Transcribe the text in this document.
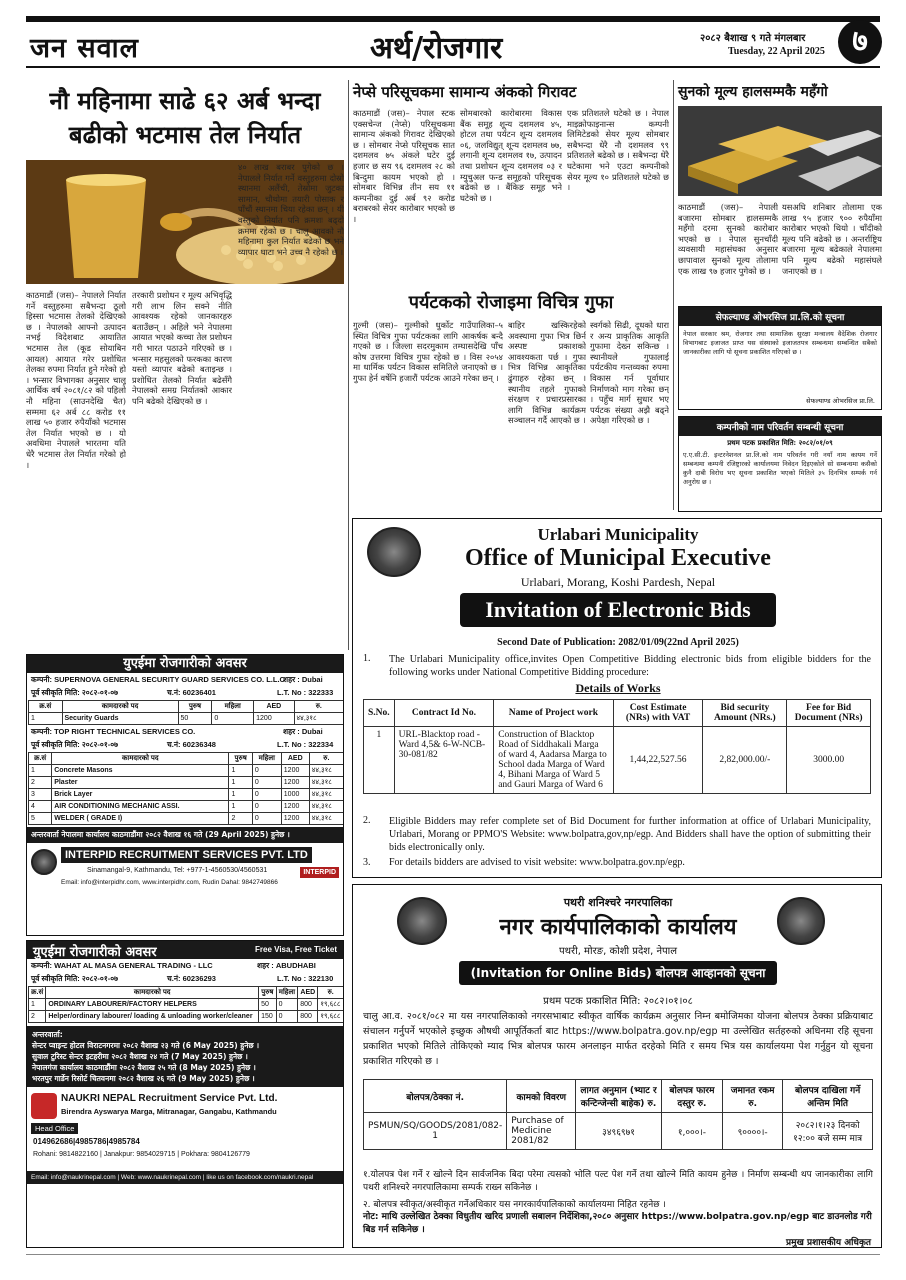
जन सवाल	अर्थ/रोजगार	२०८२ बैशाख ९ गते मंगलबार
Tuesday, 22 April 2025 ७
नौ महिनामा साढे ६२ अर्ब भन्दा बढीको भटमास तेल निर्यात
काठमाडौं (जस)– नेपालले निर्यात गर्ने वस्तुहरुमा सबैभन्दा ठूलो हिस्सा भटमास तेलको देखिएको छ । नेपालको आफ्नो उत्पादन नभई विदेशबाट आयातित भटमास तेल (कूड सोयाबिन आयल) आयात गरेर प्रशोधित तेलका रुपमा निर्यात हुने गरेको हो । भन्सार विभागका अनुसार चालू आर्थिक वर्ष २०८१/८२ को पहिलो नौ महिना (साउनदेखि चैत) सम्ममा ६२ अर्ब ८८ करोड ११ लाख ५० हजार रुपैयाँको भटमास तेल निर्यात भएको छ । यो अवधिमा नेपालले भारतमा यति धेरै भटमास तेल निर्यात गरेको हो ।
तरकारी प्रशोधन र मूल्य अभिवृद्धि गरी लाभ लिन सक्ने नीति आवश्यक रहेको जानकारहरु बताउँछन् । अहिले भने नेपालमा आयात भएको कच्चा तेल प्रशोधन गरी भारत पठाउने गरिएको छ । भन्सार महसुलको फरकका कारण यस्तो व्यापार बढेको बताइन्छ । प्रशोधित तेलको निर्यात बढेसँगै नेपालको समग्र निर्यातको आकार पनि बढेको देखिएको छ ।
४० लाख बराबर पुगेको छ । नेपालले निर्यात गर्ने वस्तुहरुमा दोस्रो स्थानमा अलैंची, तेस्रोमा जुटका सामान, चौथोमा तयारी पोसाक र पाँचौं स्थानमा चिया रहेका छन् । यी वस्तुको निर्यात पनि क्रमशः बढ्दो क्रममा रहेको छ । चालु आवको नौ महिनामा कुल निर्यात बढेको छ भने व्यापार घाटा भने उच्च नै रहेको छ ।
नेप्से परिसूचकमा सामान्य अंकको गिरावट
काठमाडौं (जस)– नेपाल स्टक एक्सचेन्ज (नेप्से) परिसूचकमा सामान्य अंकको गिरावट देखिएको छ । सोमबार नेप्से परिसूचक सात दशमलव ७५ अंकले घटेर दुई हजार छ सय ९६ दशमलव २८ को बिन्दुमा कायम भएको हो । सोमबार विभिन्न तीन सय ११ कम्पनीका दुई अर्ब ९२ करोड बराबरको सेयर कारोबार भएको छ ।
सोमबारको कारोबारमा विकास बैंक समूह शून्य दशमलव ४५, होटल तथा पर्यटन शून्य दशमलव ०६, जलविद्युत् शून्य दशमलव ७७, लगानी शून्य दशमलव १७, उत्पादन तथा प्रशोधन शून्य दशमलव ०३ र म्युचुअल फन्ड समूहको परिसूचक बढेको छ । बैंकिङ समूह भने घटेको छ ।
एक प्रतिशतले घटेको छ । नेपाल माइक्रोफाइनान्स कम्पनी लिमिटेडको सेयर मूल्य सोमबार सबैभन्दा धेरै नौ दशमलव ९९ प्रतिशतले बढेको छ । सबैभन्दा धेरै घटेकामा भने एउटा कम्पनीको सेयर मूल्य १० प्रतिशतले घटेको छ ।
पर्यटकको रोजाइमा विचित्र गुफा
गुल्मी (जस)– गुल्मीको धुर्कोट गाउँपालिका–५ स्थित विचित्र गुफा पर्यटकका लागि आकर्षक बन्दै गएको छ । जिल्ला सदरमुकाम तम्घासदेखि पाँच कोष उत्तरमा विचित्र गुफा रहेको छ । विस २०५४ मा धार्मिक पर्यटन विकास समितिले जनाएको छ । गुफा हेर्न वर्षेनि हजारौं पर्यटक आउने गरेका छन् ।
बाहिर खस्किरहेको अवस्थामा गुफा भित्र छिर्न अस्पष्ट प्रकाशको आवश्यकता पर्छ । गुफा भित्र विभिन्न आकृतिका ढुंगाहरु रहेका छन् । स्थानीय तहले गुफाको संरक्षण र प्रचारप्रसारका लागि विभिन्न कार्यक्रम सञ्चालन गर्दै आएको छ ।
स्वर्गको सिढी, दूधको धारा र अन्य प्राकृतिक आकृति गुफामा देख्न सकिन्छ । स्थानीयले गुफालाई पर्यटकीय गन्तव्यका रुपमा विकास गर्न पूर्वाधार निर्माणको माग गरेका छन् । पहुँच मार्ग सुधार भए पर्यटक संख्या अझै बढ्ने अपेक्षा गरिएको छ ।
सुनको मूल्य हालसम्मकै महँगो
काठमाडौं (जस)– नेपाली बजारमा सोमबार हालसम्मकै महँगो दरमा सुनको कारोबार भएको छ । नेपाल सुनचाँदी व्यवसायी महासंघका अनुसार छापावाल सुनको मूल्य तोलामा एक लाख ९७ हजार पुगेको छ ।
यसअघि शनिबार तोलामा एक लाख ९५ हजार ९०० रुपैयाँमा कारोबार भएको थियो । चाँदीको मूल्य पनि बढेको छ । अन्तर्राष्ट्रिय बजारमा मूल्य बढेकाले नेपालमा पनि मूल्य बढेको महासंघले जनाएको छ ।
सेफल्याण्ड ओभरसिज प्रा.लि.को सूचना
नेपाल सरकार श्रम, रोजगार तथा सामाजिक सुरक्षा मन्त्रालय वैदेशिक रोजगार विभागबाट इजाजत प्राप्त यस संस्थाको इजाजतपत्र सम्बन्धमा सम्बन्धित सबैको जानकारीका लागि यो सूचना प्रकाशित गरिएको छ ।
सेफल्याण्ड ओभरसिज प्रा.लि.
कम्पनीको नाम परिवर्तन सम्बन्धी सूचना
प्रथम पटक प्रकाशित मिति: २०८२/०१/०९
ए.ए.सी.टी. इन्टरनेशनल प्रा.लि.को नाम परिवर्तन गरी नयाँ नाम कायम गर्ने सम्बन्धमा कम्पनी रजिष्ट्रारको कार्यालयमा निवेदन दिइएकोले सो सम्बन्धमा कसैको कुनै दाबी विरोध भए सूचना प्रकाशित भएको मितिले ३५ दिनभित्र सम्पर्क गर्न अनुरोध छ ।
Urlabari Municipality
Office of Municipal Executive
Urlabari, Morang, Koshi Pardesh, Nepal
Invitation of Electronic Bids
Second Date of Publication: 2082/01/09(22nd April 2025)
1. The Urlabari Municipality office,invites Open Competitive Bidding electronic bids from eligible bidders for the following works under National Competitive Bidding procedure:
Details of Works
S.No.	Contract Id No.	Name of Project work	Cost Estimate (NRs) with VAT	Bid security Amount (NRs.)	Fee for Bid Document (NRs)
1	URL-Blacktop road - Ward 4,5& 6-W-NCB-30-081/82	Construction of Blacktop Road of Siddhakali Marga of ward 4, Aadarsa Marga to School dada Marga of Ward 4, Bihani Marga of Ward 5 and Gauri Marga of Ward 6	1,44,22,527.56	2,82,000.00/-	3000.00
2. Eligible Bidders may refer complete set of Bid Document for further information at office of Urlabari Municipality, Urlabari, Morang or PPMO'S Website: www.bolpatra,gov,np/egp. And Bidders shall have the option of submitting their bids electronically only.
3. For details bidders are advised to visit website: www.bolpatra.gov.np/egp.
पथरी शनिश्चरे नगरपालिका
नगर कार्यपालिकाको कार्यालय
पथरी, मोरङ, कोशी प्रदेश, नेपाल
(Invitation for Online Bids) बोलपत्र आव्हानको सूचना
प्रथम पटक प्रकाशित मिति: २०८२।०१।०८
चालु आ.व. २०८१/०८२ मा यस नगरपालिकाको नगरसभाबाट स्वीकृत वार्षिक कार्यक्रम अनुसार निम्न बमोजिमका योजना बोलपत्र ठेक्का प्रक्रियाबाट संचालन गर्नुपर्ने भएकोले इच्छुक औषधी आपूर्तिकर्ता बाट https://www.bolpatra.gov.np/egp मा उल्लेखित सर्तहरुको अधिनमा रहि सूचना प्रकाशित भएको मितिले तोकिएको म्याद भित्र बोलपत्र फारम अनलाइन मार्फत दरहेको मिति र समय भित्र यस कार्यालयमा पेश गर्नुहुन यो सूचना प्रकाशित गरिएको छ ।
बोलपत्र/ठेक्का नं.	कामको विवरण	लागत अनुमान (भ्याट र कन्टिन्जेन्सी बाहेक) रु.	बोलपत्र फारम दस्तुर रु.	जमानत रकम रु.	बोलपत्र दाखिला गर्ने अन्तिम मिति
PSMUN/SQ/GOODS/2081/082-1	Purchase of Medicine 2081/82	३४९६९७१	१,०००।-	९००००।-	२०८२।१।२३ दिनको १२:०० बजे सम्म मात्र
१.योलपत्र पेश गर्ने र खोल्ने दिन सार्वजनिक बिदा परेमा त्यसको भोलि पल्ट पेश गर्ने तथा खोल्ने मिति कायम हुनेछ । निर्माण सम्बन्धी थप जानकारीका लागि पथरी शनिश्चरे नगरपालिकामा सम्पर्क राख्न सकिनेछ ।
२. बोलपत्र स्वीकृत/अस्वीकृत गर्नेअधिकार यस नगरकार्यपालिकाको कार्यालयमा निहित रहनेछ ।
नोट: माथि उल्लेखित ठेक्का विधुतीय खरिद प्रणाली सबालन निर्देशिका,२०८० अनुसार https://www.bolpatra.gov.np/egp बाट डाउनलोड गरी बिड गर्न सकिनेछ ।
प्रमुख प्रशासकीय अधिकृत
युएईमा रोजगारीको अवसर
कम्पनी: SUPERNOVA GENERAL SECURITY GUARD SERVICES CO. L.L.C
शहर : Dubai
पूर्व स्वीकृति मिति: २०८२-०१-०७	च.नं: 60236401	L.T. No : 322333
क्र.सं	कामदारको पद	पुरुष	महिला	AED	रु.
1	Security Guards	50	0	1200	४४,३१८
कम्पनी: TOP RIGHT TECHNICAL SERVICES CO.	शहर : Dubai
पूर्व स्वीकृति मिति: २०८२-०१-०७	च.नं: 60236348	L.T. No : 322334
क्र.सं	कामदारको पद	पुरुष	महिला	AED	रु.
1	Concrete Masons	1	0	1200	४४,३१८
2	Plaster	1	0	1200	४४,३१८
3	Brick Layer	1	0	1000	४४,३१८
4	AIR CONDITIONING MECHANIC ASSI.	1	0	1200	४४,३१८
5	WELDER ( GRADE I)	2	0	1200	४४,३१८
अन्तरवार्ता नेपालमा कार्यालय काठमाडौंमा २०८२ वैशाख १६ गते (29 April 2025) हुनेछ ।
INTERPID RECRUITMENT SERVICES PVT. LTD
Sinamangal-9, Kathmandu, Tel: +977-1-4560530/4560531
Email: info@interpidhr.com, www.interpidhr.com, Rudin Dahal: 9842749866
INTERPID
युएईमा रोजगारीको अवसर	Free Visa, Free Ticket
कम्पनी: WAHAT AL MASA GENERAL TRADING - LLC	शहर : ABUDHABI
पूर्व स्वीकृति मिति: २०८२-०१-०७	च.नं: 60236293	L.T. No : 322130
क्र.सं	कामदारको पद	पुरुष	महिला	AED	रु.
1	ORDINARY LABOURER/FACTORY HELPERS	50	0	800	१९,६८८
2	Helper/ordinary labourer/ loading & unloading worker/cleaner	150	0	800	१९,६८८
अन्तरवार्ता:
सेन्टर प्वाइन्ट होटल विराटनगरमा २०८२ वैशाख २३ गते (6 May 2025) हुनेछ ।
सुवाल टुरिस्ट सेन्टर इटहरीमा २०८२ वैशाख २४ गते (7 May 2025) हुनेछ ।
नेपालगंज कार्यालय काठमाडौंमा २०८२ वैशाख २५ गते (8 May 2025) हुनेछ ।
भरतपुर गार्डेन रिसोर्ट चितवनमा २०८२ वैशाख २६ गते (9 May 2025) हुनेछ ।
NAUKRI NEPAL Recruitment Service Pvt. Ltd.
Birendra Ayswarya Marga, Mitranagar, Gangabu, Kathmandu
Head Office
014962686|4985786|4985784
Rohani: 9814822160 | Janakpur: 9854029715 | Pokhara: 9804126779
Email: info@naukrinepal.com | Web: www.naukrinepal.com | like us on facebook.com/naukri.nepal
